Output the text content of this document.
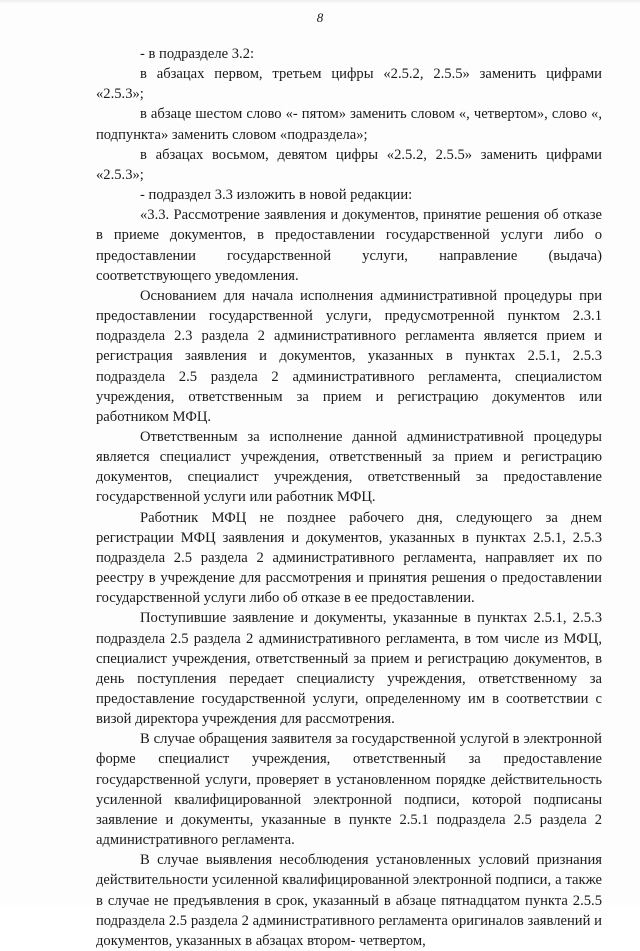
8

- в подразделе 3.2:

в абзацах первом, третьем цифры «2.5.2, 2.5.5» заменить цифрами «2.5.3»;

в абзаце шестом слово «- пятом» заменить словом «, четвертом», слово «, подпункта» заменить словом «подраздела»;

в абзацах восьмом, девятом цифры «2.5.2, 2.5.5» заменить цифрами «2.5.3»;

- подраздел 3.3 изложить в новой редакции:

«3.3. Рассмотрение заявления и документов, принятие решения об отказе в приеме документов, в предоставлении государственной услуги либо о предоставлении государственной услуги, направление (выдача) соответствующего уведомления.

Основанием для начала исполнения административной процедуры при предоставлении государственной услуги, предусмотренной пунктом 2.3.1 подраздела 2.3 раздела 2 административного регламента является прием и регистрация заявления и документов, указанных в пунктах 2.5.1, 2.5.3 подраздела 2.5 раздела 2 административного регламента, специалистом учреждения, ответственным за прием и регистрацию документов или работником МФЦ.

Ответственным за исполнение данной административной процедуры является специалист учреждения, ответственный за прием и регистрацию документов, специалист учреждения, ответственный за предоставление государственной услуги или работник МФЦ.

Работник МФЦ не позднее рабочего дня, следующего за днем регистрации МФЦ заявления и документов, указанных в пунктах 2.5.1, 2.5.3 подраздела 2.5 раздела 2 административного регламента, направляет их по реестру в учреждение для рассмотрения и принятия решения о предоставлении государственной услуги либо об отказе в ее предоставлении.

Поступившие заявление и документы, указанные в пунктах 2.5.1, 2.5.3 подраздела 2.5 раздела 2 административного регламента, в том числе из МФЦ, специалист учреждения, ответственный за прием и регистрацию документов, в день поступления передает специалисту учреждения, ответственному за предоставление государственной услуги, определенному им в соответствии с визой директора учреждения для рассмотрения.

В случае обращения заявителя за государственной услугой в электронной форме специалист учреждения, ответственный за предоставление государственной услуги, проверяет в установленном порядке действительность усиленной квалифицированной электронной подписи, которой подписаны заявление и документы, указанные в пункте 2.5.1 подраздела 2.5 раздела 2 административного регламента.

В случае выявления несоблюдения установленных условий признания действительности усиленной квалифицированной электронной подписи, а также в случае не предъявления в срок, указанный в абзаце пятнадцатом пункта 2.5.5 подраздела 2.5 раздела 2 административного регламента оригиналов заявлений и документов, указанных в абзацах втором- четвертом,
